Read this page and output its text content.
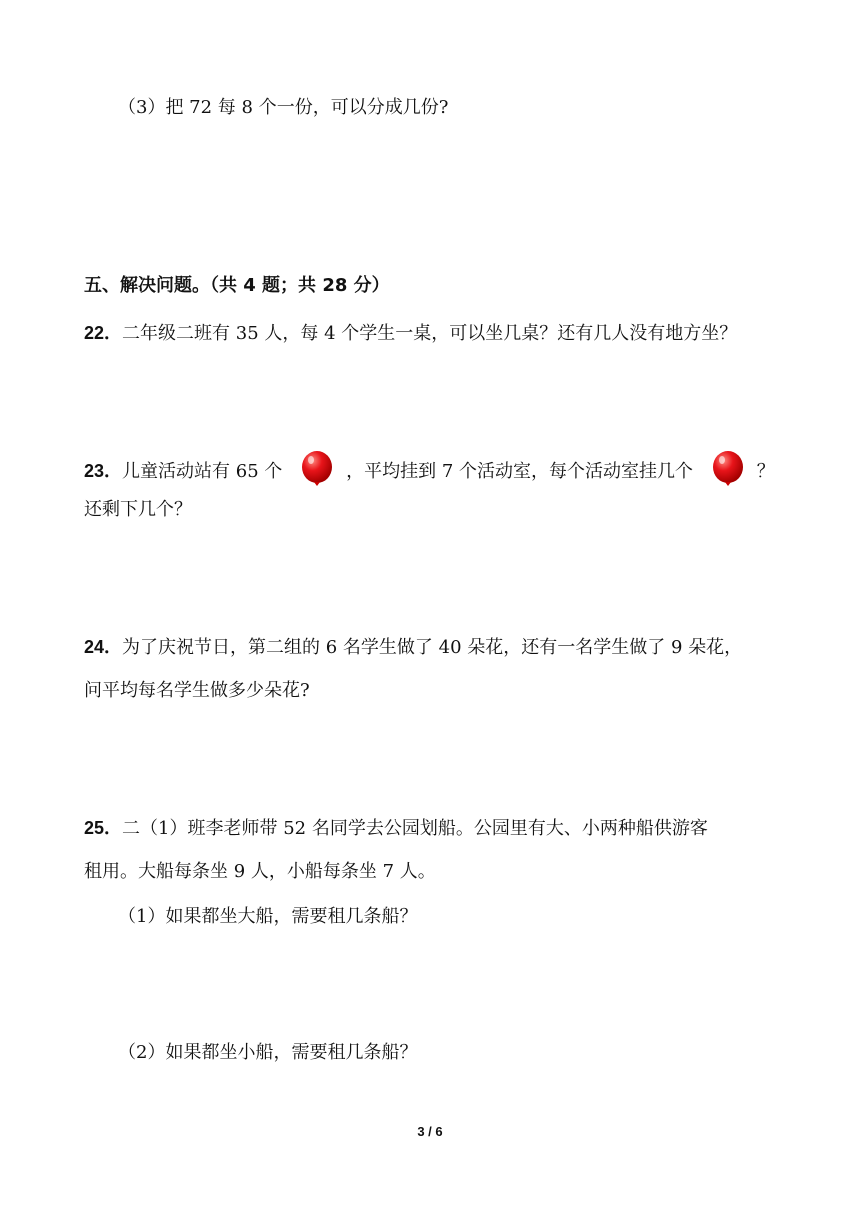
（3）把 72 每 8 个一份，可以分成几份?
五、解决问题。（共 4 题；共 28 分）
22．二年级二班有 35 人，每 4 个学生一桌，可以坐几桌？还有几人没有地方坐？
23．儿童活动站有 65 个	，平均挂到 7 个活动室，每个活动室挂几个	？
还剩下几个？
24．为了庆祝节日，第二组的 6 名学生做了 40 朵花，还有一名学生做了 9 朵花，
问平均每名学生做多少朵花?
25．二（1）班李老师带 52 名同学去公园划船。公园里有大、小两种船供游客
租用。大船每条坐 9 人，小船每条坐 7 人。
（1）如果都坐大船，需要租几条船？
（2）如果都坐小船，需要租几条船？
3 / 6
